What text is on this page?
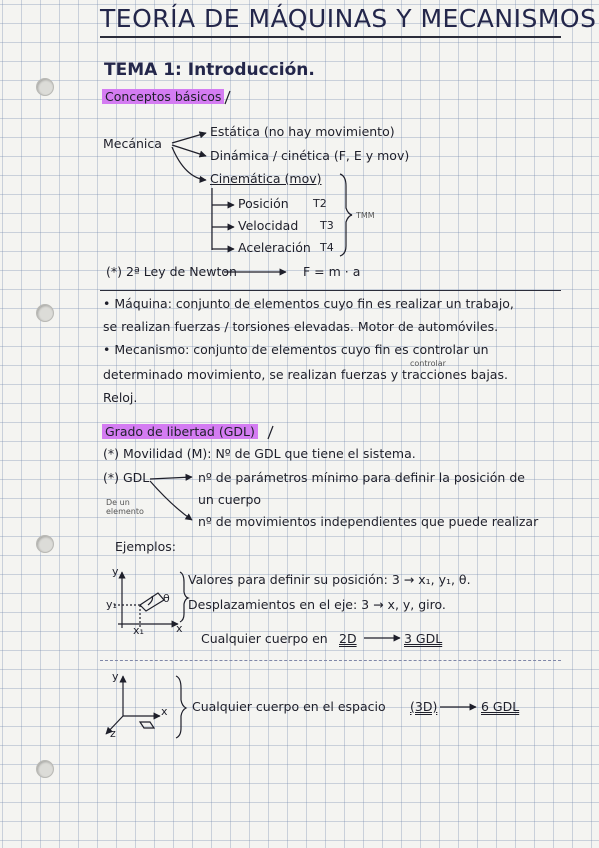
TEORÍA DE MÁQUINAS Y MECANISMOS
TEMA 1: Introducción.
Conceptos básicos
Mecánica
Estática (no hay movimiento)
Dinámica / cinética (F, E y mov)
Cinemática (mov)
Posición T2
Velocidad T3
Aceleración T4
TMM
(*) 2ª Ley de Newton	F = m · a
• Máquina: conjunto de elementos cuyo fin es realizar un trabajo,
se realizan fuerzas / torsiones elevadas. Motor de automóviles.
• Mecanismo: conjunto de elementos cuyo fin es controlar un
controlar
determinado movimiento, se realizan fuerzas y tracciones bajas.
Reloj.
Grado de libertad (GDL)
(*) Movilidad (M): Nº de GDL que tiene el sistema.
(*) GDL
De un
elemento
nº de parámetros mínimo para definir la posición de
un cuerpo
nº de movimientos independientes que puede realizar
Ejemplos:
y
y₁
x₁	x
θ
Valores para definir su posición: 3 → x₁, y₁, θ.
Desplazamientos en el eje: 3 → x, y, giro.
Cualquier cuerpo en 2D	3 GDL
y
x
z
Cualquier cuerpo en el espacio (3D)	6 GDL
